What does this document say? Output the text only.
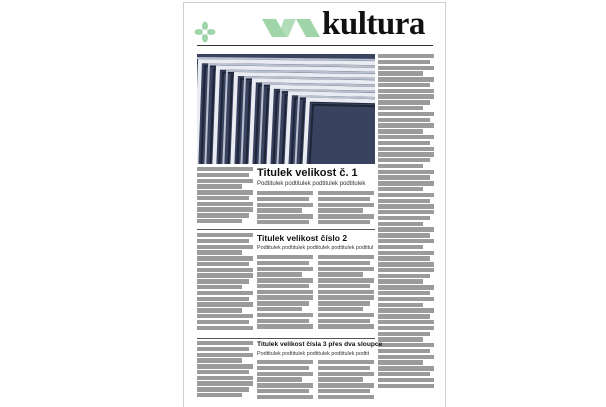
kultura
Titulek velikost č. 1
Podtitulek podtitulek podtitulek podtitulek
Titulek velikost číslo 2
Podtitulek podtitulek podtitulek podtitulek podtitul
Titulek velikost čísla 3 přes dva sloupce
Podtitulek podtitulek podtitulek podtitulek podtit
